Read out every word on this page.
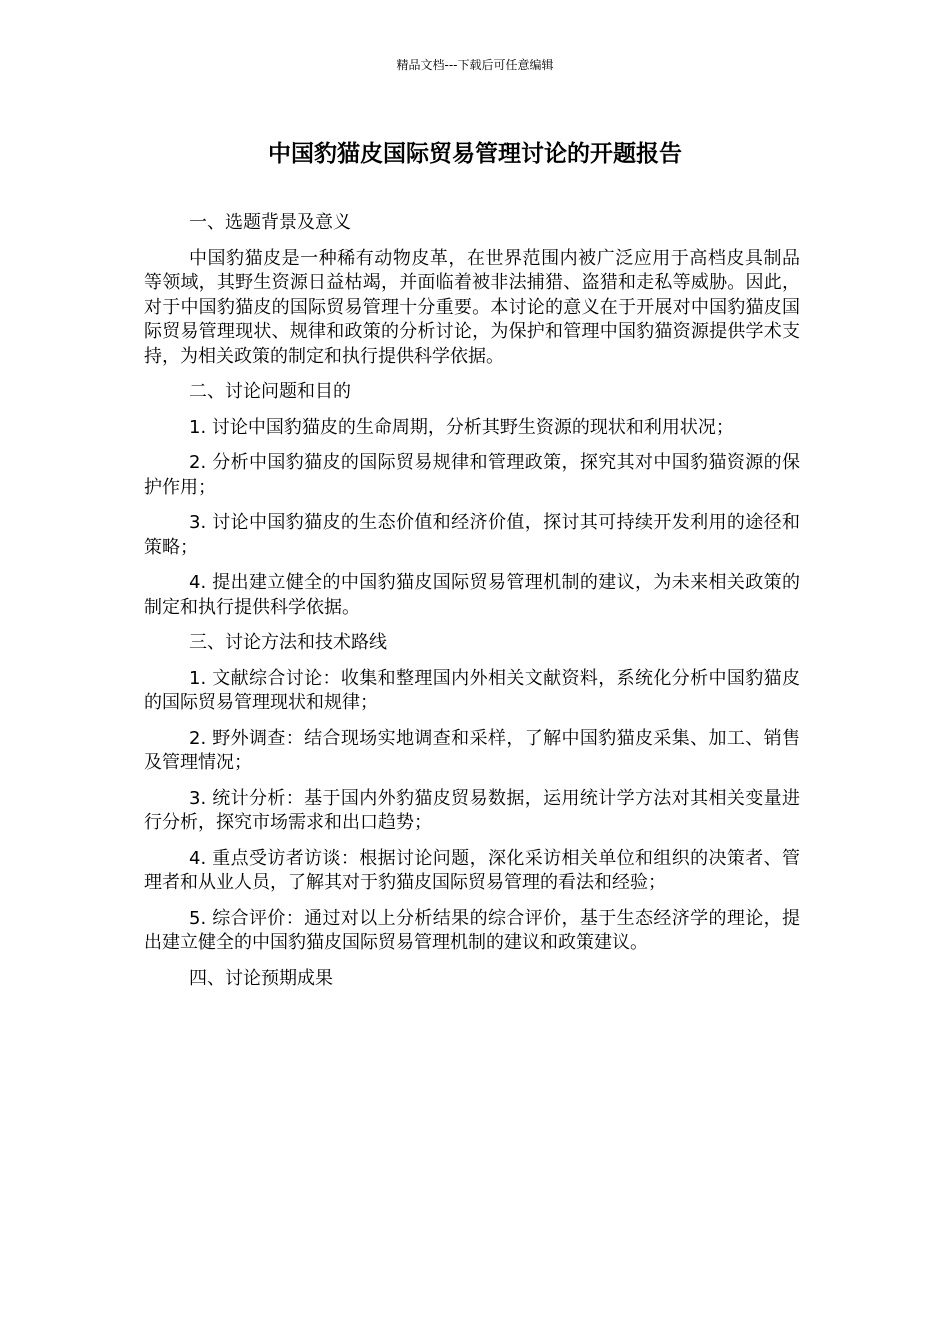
精品文档---下载后可任意编辑
中国豹猫皮国际贸易管理讨论的开题报告

一、选题背景及意义

中国豹猫皮是一种稀有动物皮革，在世界范围内被广泛应用于高档皮具制品等领域，其野生资源日益枯竭，并面临着被非法捕猎、盗猎和走私等威胁。因此，对于中国豹猫皮的国际贸易管理十分重要。本讨论的意义在于开展对中国豹猫皮国际贸易管理现状、规律和政策的分析讨论，为保护和管理中国豹猫资源提供学术支持，为相关政策的制定和执行提供科学依据。

二、讨论问题和目的

1. 讨论中国豹猫皮的生命周期，分析其野生资源的现状和利用状况；

2. 分析中国豹猫皮的国际贸易规律和管理政策，探究其对中国豹猫资源的保护作用；

3. 讨论中国豹猫皮的生态价值和经济价值，探讨其可持续开发利用的途径和策略；

4. 提出建立健全的中国豹猫皮国际贸易管理机制的建议，为未来相关政策的制定和执行提供科学依据。

三、讨论方法和技术路线

1. 文献综合讨论：收集和整理国内外相关文献资料，系统化分析中国豹猫皮的国际贸易管理现状和规律；

2. 野外调查：结合现场实地调查和采样，了解中国豹猫皮采集、加工、销售及管理情况；

3. 统计分析：基于国内外豹猫皮贸易数据，运用统计学方法对其相关变量进行分析，探究市场需求和出口趋势；

4. 重点受访者访谈：根据讨论问题，深化采访相关单位和组织的决策者、管理者和从业人员，了解其对于豹猫皮国际贸易管理的看法和经验；

5. 综合评价：通过对以上分析结果的综合评价，基于生态经济学的理论，提出建立健全的中国豹猫皮国际贸易管理机制的建议和政策建议。

四、讨论预期成果
